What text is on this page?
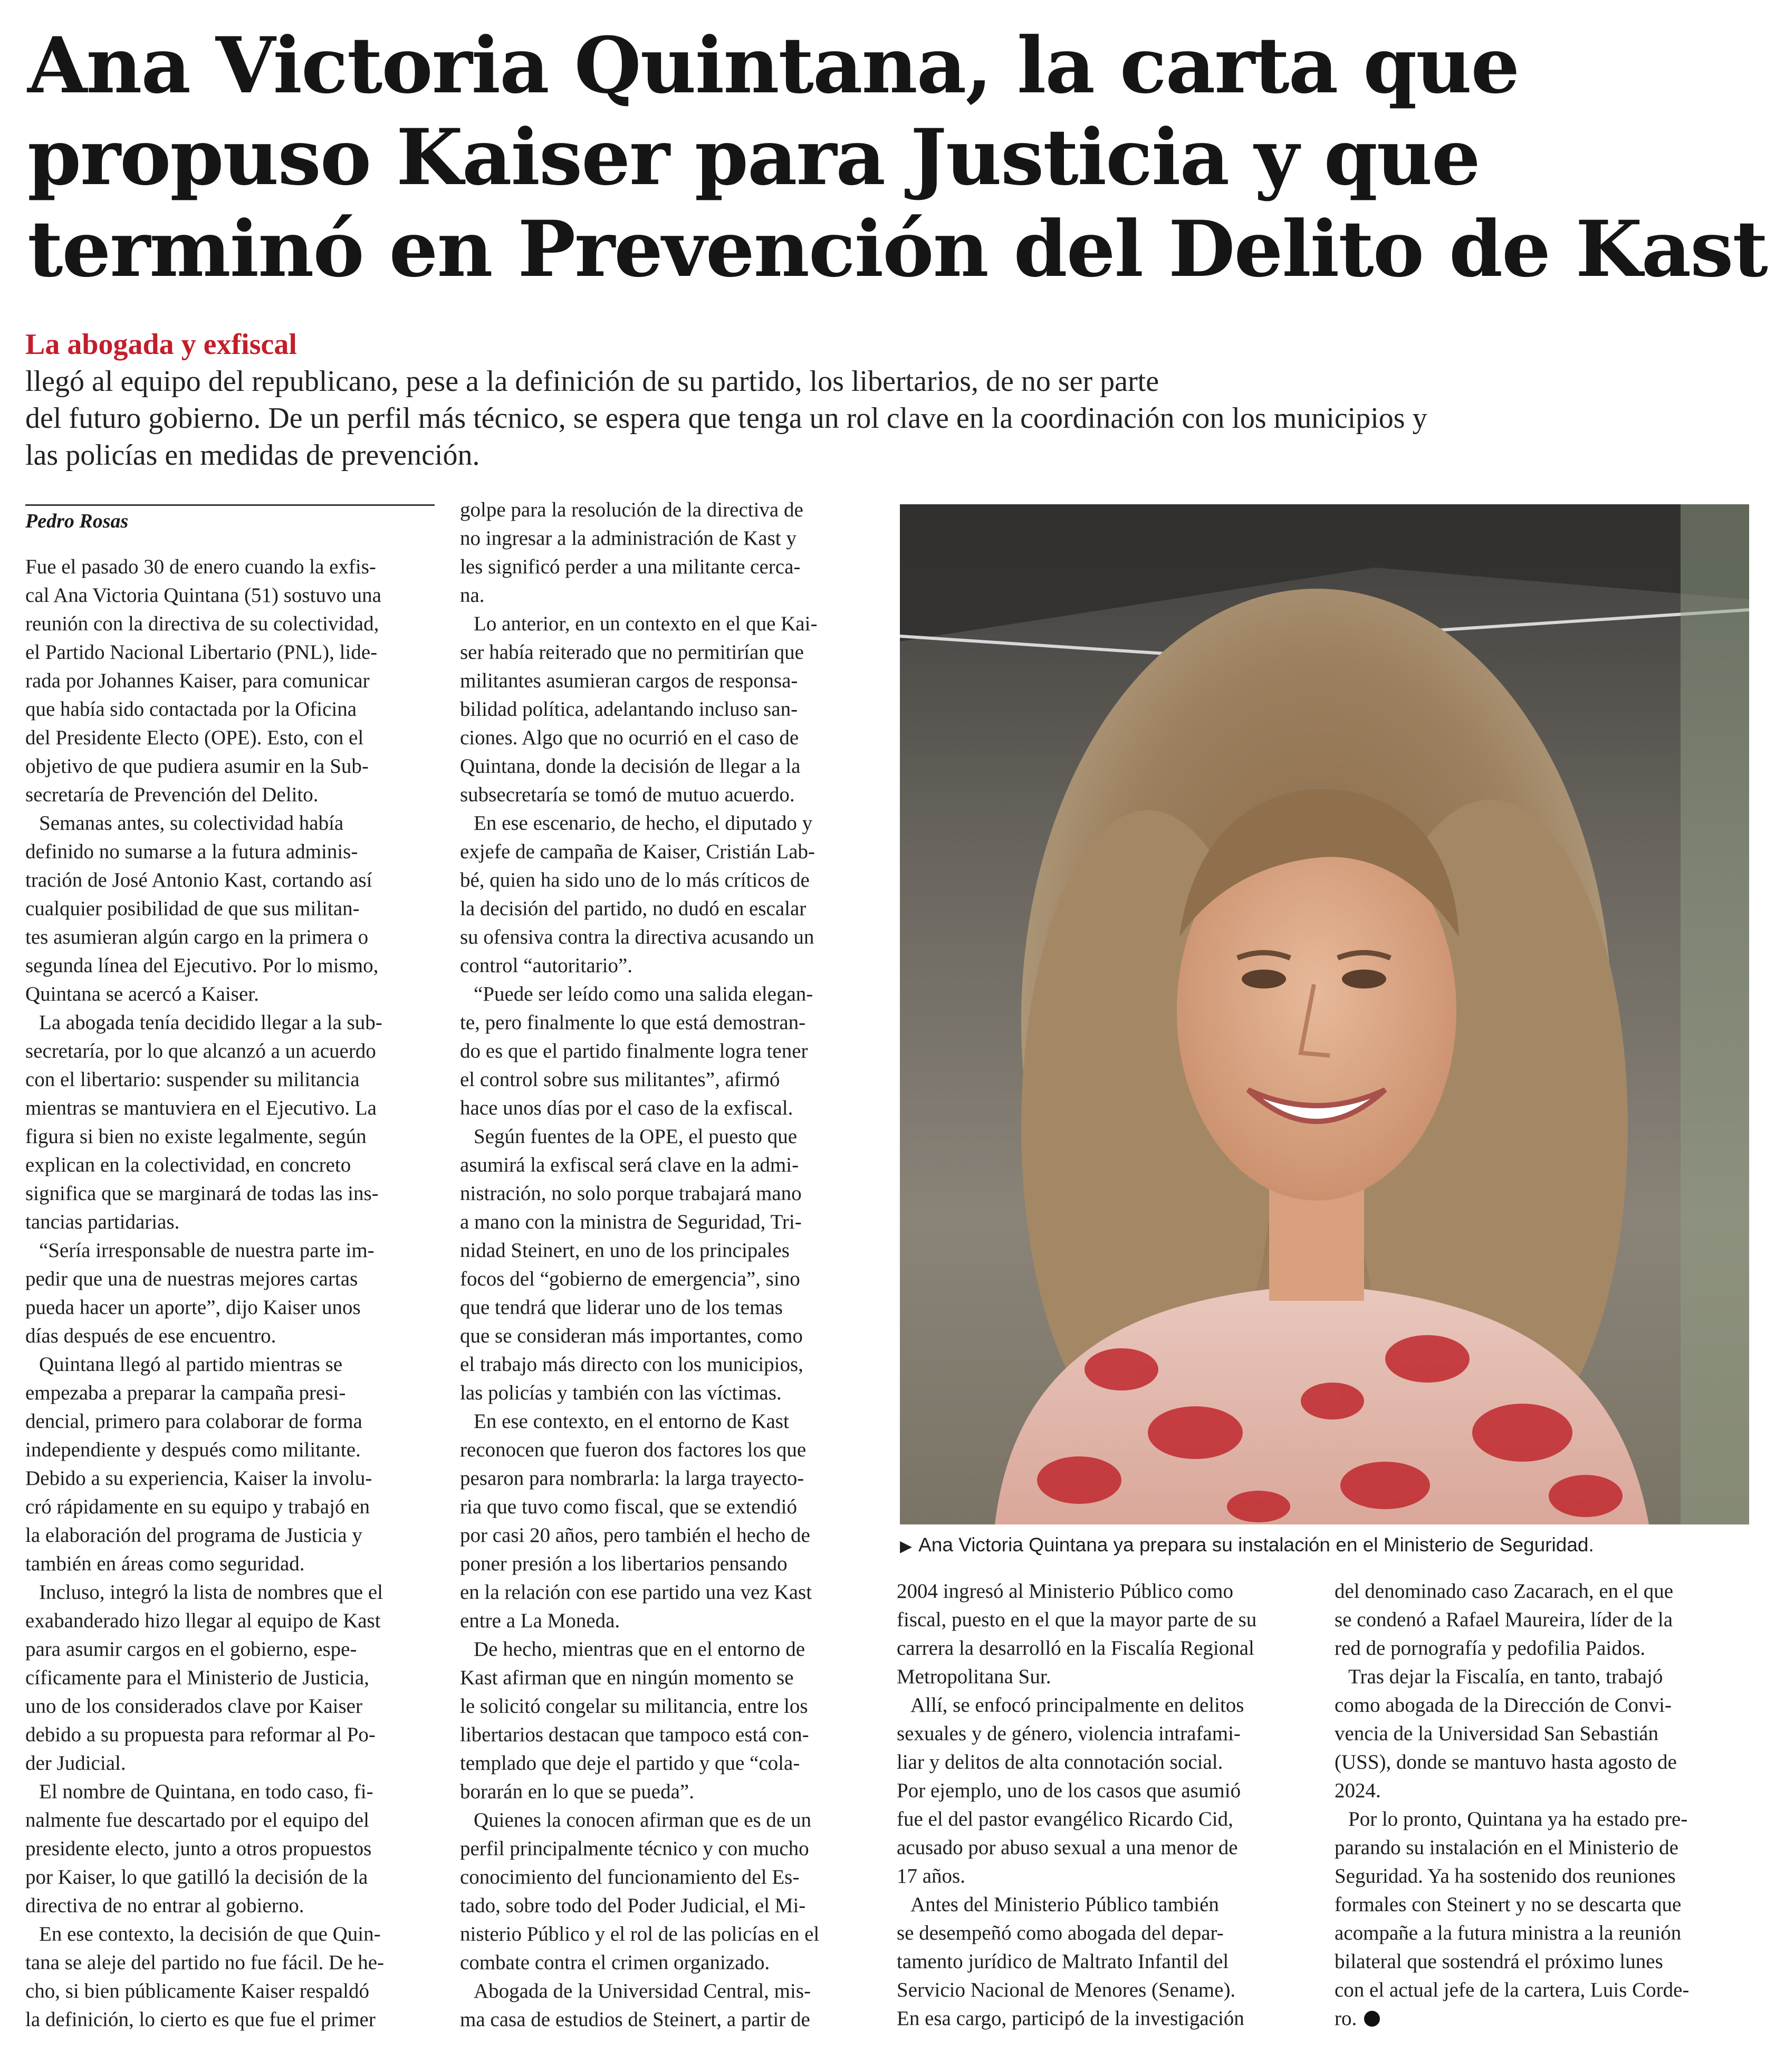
Ana Victoria Quintana, la carta que
propuso Kaiser para Justicia y que
terminó en Prevención del Delito de Kast
La abogada y exfiscal
llegó al equipo del republicano, pese a la definición de su partido, los libertarios, de no ser parte
del futuro gobierno. De un perfil más técnico, se espera que tenga un rol clave en la coordinación con los municipios y
las policías en medidas de prevención.
Pedro Rosas
Fue el pasado 30 de enero cuando la exfis-
cal Ana Victoria Quintana (51) sostuvo una
reunión con la directiva de su colectividad,
el Partido Nacional Libertario (PNL), lide-
rada por Johannes Kaiser, para comunicar
que había sido contactada por la Oficina
del Presidente Electo (OPE). Esto, con el
objetivo de que pudiera asumir en la Sub-
secretaría de Prevención del Delito.
Semanas antes, su colectividad había
definido no sumarse a la futura adminis-
tración de José Antonio Kast, cortando así
cualquier posibilidad de que sus militan-
tes asumieran algún cargo en la primera o
segunda línea del Ejecutivo. Por lo mismo,
Quintana se acercó a Kaiser.
La abogada tenía decidido llegar a la sub-
secretaría, por lo que alcanzó a un acuerdo
con el libertario: suspender su militancia
mientras se mantuviera en el Ejecutivo. La
figura si bien no existe legalmente, según
explican en la colectividad, en concreto
significa que se marginará de todas las ins-
tancias partidarias.
“Sería irresponsable de nuestra parte im-
pedir que una de nuestras mejores cartas
pueda hacer un aporte”, dijo Kaiser unos
días después de ese encuentro.
Quintana llegó al partido mientras se
empezaba a preparar la campaña presi-
dencial, primero para colaborar de forma
independiente y después como militante.
Debido a su experiencia, Kaiser la involu-
cró rápidamente en su equipo y trabajó en
la elaboración del programa de Justicia y
también en áreas como seguridad.
Incluso, integró la lista de nombres que el
exabanderado hizo llegar al equipo de Kast
para asumir cargos en el gobierno, espe-
cíficamente para el Ministerio de Justicia,
uno de los considerados clave por Kaiser
debido a su propuesta para reformar al Po-
der Judicial.
El nombre de Quintana, en todo caso, fi-
nalmente fue descartado por el equipo del
presidente electo, junto a otros propuestos
por Kaiser, lo que gatilló la decisión de la
directiva de no entrar al gobierno.
En ese contexto, la decisión de que Quin-
tana se aleje del partido no fue fácil. De he-
cho, si bien públicamente Kaiser respaldó
la definición, lo cierto es que fue el primer
golpe para la resolución de la directiva de
no ingresar a la administración de Kast y
les significó perder a una militante cerca-
na.
Lo anterior, en un contexto en el que Kai-
ser había reiterado que no permitirían que
militantes asumieran cargos de responsa-
bilidad política, adelantando incluso san-
ciones. Algo que no ocurrió en el caso de
Quintana, donde la decisión de llegar a la
subsecretaría se tomó de mutuo acuerdo.
En ese escenario, de hecho, el diputado y
exjefe de campaña de Kaiser, Cristián Lab-
bé, quien ha sido uno de lo más críticos de
la decisión del partido, no dudó en escalar
su ofensiva contra la directiva acusando un
control “autoritario”.
“Puede ser leído como una salida elegan-
te, pero finalmente lo que está demostran-
do es que el partido finalmente logra tener
el control sobre sus militantes”, afirmó
hace unos días por el caso de la exfiscal.
Según fuentes de la OPE, el puesto que
asumirá la exfiscal será clave en la admi-
nistración, no solo porque trabajará mano
a mano con la ministra de Seguridad, Tri-
nidad Steinert, en uno de los principales
focos del “gobierno de emergencia”, sino
que tendrá que liderar uno de los temas
que se consideran más importantes, como
el trabajo más directo con los municipios,
las policías y también con las víctimas.
En ese contexto, en el entorno de Kast
reconocen que fueron dos factores los que
pesaron para nombrarla: la larga trayecto-
ria que tuvo como fiscal, que se extendió
por casi 20 años, pero también el hecho de
poner presión a los libertarios pensando
en la relación con ese partido una vez Kast
entre a La Moneda.
De hecho, mientras que en el entorno de
Kast afirman que en ningún momento se
le solicitó congelar su militancia, entre los
libertarios destacan que tampoco está con-
templado que deje el partido y que “cola-
borarán en lo que se pueda”.
Quienes la conocen afirman que es de un
perfil principalmente técnico y con mucho
conocimiento del funcionamiento del Es-
tado, sobre todo del Poder Judicial, el Mi-
nisterio Público y el rol de las policías en el
combate contra el crimen organizado.
Abogada de la Universidad Central, mis-
ma casa de estudios de Steinert, a partir de
▶ Ana Victoria Quintana ya prepara su instalación en el Ministerio de Seguridad.
2004 ingresó al Ministerio Público como
fiscal, puesto en el que la mayor parte de su
carrera la desarrolló en la Fiscalía Regional
Metropolitana Sur.
Allí, se enfocó principalmente en delitos
sexuales y de género, violencia intrafami-
liar y delitos de alta connotación social.
Por ejemplo, uno de los casos que asumió
fue el del pastor evangélico Ricardo Cid,
acusado por abuso sexual a una menor de
17 años.
Antes del Ministerio Público también
se desempeñó como abogada del depar-
tamento jurídico de Maltrato Infantil del
Servicio Nacional de Menores (Sename).
En esa cargo, participó de la investigación
del denominado caso Zacarach, en el que
se condenó a Rafael Maureira, líder de la
red de pornografía y pedofilia Paidos.
Tras dejar la Fiscalía, en tanto, trabajó
como abogada de la Dirección de Convi-
vencia de la Universidad San Sebastián
(USS), donde se mantuvo hasta agosto de
2024.
Por lo pronto, Quintana ya ha estado pre-
parando su instalación en el Ministerio de
Seguridad. Ya ha sostenido dos reuniones
formales con Steinert y no se descarta que
acompañe a la futura ministra a la reunión
bilateral que sostendrá el próximo lunes
con el actual jefe de la cartera, Luis Corde-
ro.
